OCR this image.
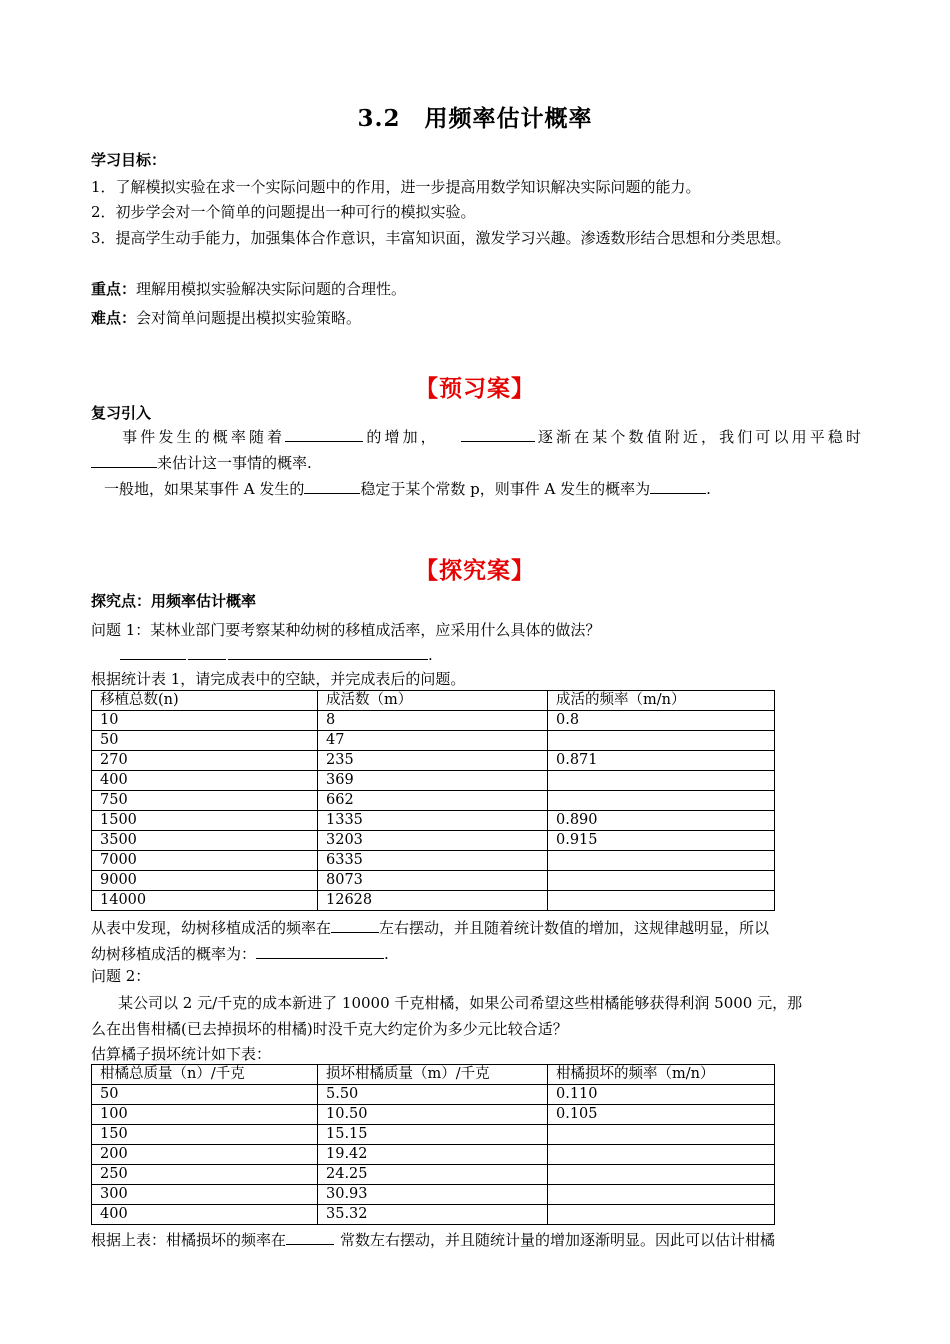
3.2　用频率估计概率
学习目标：
1．了解模拟实验在求一个实际问题中的作用，进一步提高用数学知识解决实际问题的能力。
2．初步学会对一个简单的问题提出一种可行的模拟实验。
3．提高学生动手能力，加强集体合作意识，丰富知识面，激发学习兴趣。渗透数形结合思想和分类思想。
重点：理解用模拟实验解决实际问题的合理性。
难点：会对简单问题提出模拟实验策略。
【预习案】
复习引入
事件发生的概率随着	的增加，	逐渐在某个数值附近，我们可以用平稳时
来估计这一事情的概率.
一般地，如果某事件 A 发生的	稳定于某个常数 p，则事件 A 发生的概率为	.
【探究案】
探究点：用频率估计概率
问题 1：某林业部门要考察某种幼树的移植成活率，应采用什么具体的做法？
.
根据统计表 1，请完成表中的空缺，并完成表后的问题。
移植总数(n)	成活数（m）	成活的频率（m/n）
10	8	0.8
50	47	
270	235	0.871
400	369	
750	662	
1500	1335	0.890
3500	3203	0.915
7000	6335	
9000	8073	
14000	12628	
从表中发现，幼树移植成活的频率在	左右摆动，并且随着统计数值的增加，这规律越明显，所以
幼树移植成活的概率为：	.
问题 2：
某公司以 2 元/千克的成本新进了 10000 千克柑橘，如果公司希望这些柑橘能够获得利润 5000 元，那
么在出售柑橘(已去掉损坏的柑橘)时没千克大约定价为多少元比较合适？
估算橘子损坏统计如下表：
柑橘总质量（n）/千克	损坏柑橘质量（m）/千克	柑橘损坏的频率（m/n）
50	5.50	0.110
100	10.50	0.105
150	15.15	
200	19.42	
250	24.25	
300	30.93	
400	35.32	
根据上表：柑橘损坏的频率在	常数左右摆动，并且随统计量的增加逐渐明显。因此可以估计柑橘
